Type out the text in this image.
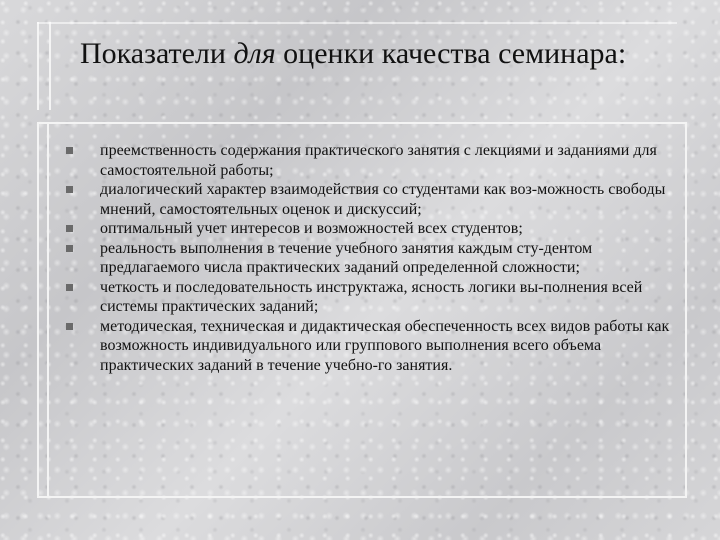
Показатели для оценки качества семинара:
преемственность содержания практического занятия с лекциями и заданиями для самостоятельной работы;
диалогический характер взаимодействия со студентами как воз-можность свободы мнений, самостоятельных оценок и дискуссий;
оптимальный учет интересов и возможностей всех студентов;
реальность выполнения в течение учебного занятия каждым сту-дентом предлагаемого числа практических заданий определенной сложности;
четкость и последовательность инструктажа, ясность логики вы-полнения всей системы практических заданий;
методическая, техническая и дидактическая обеспеченность всех видов работы как возможность индивидуального или группового выполнения всего объема практических заданий в течение учебно-го занятия.
